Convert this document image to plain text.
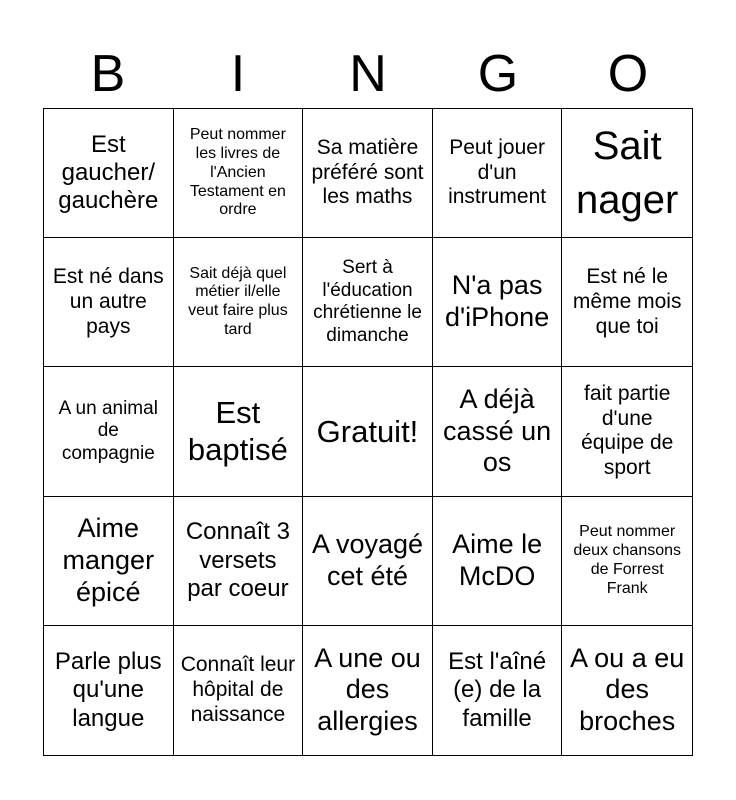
B	I	N	G	O
Est gaucher/ gauchère
Peut nommer les livres de l'Ancien Testament en ordre
Sa matière préféré sont les maths
Peut jouer d'un instrument
Sait nager
Est né dans un autre pays
Sait déjà quel métier il/elle veut faire plus tard
Sert à l'éducation chrétienne le dimanche
N'a pas d'iPhone
Est né le même mois que toi
A un animal de compagnie
Est baptisé
Gratuit!
A déjà cassé un os
fait partie d'une équipe de sport
Aime manger épicé
Connaît 3 versets par coeur
A voyagé cet été
Aime le McDO
Peut nommer deux chansons de Forrest Frank
Parle plus qu'une langue
Connaît leur hôpital de naissance
A une ou des allergies
Est l'aîné (e) de la famille
A ou a eu des broches
